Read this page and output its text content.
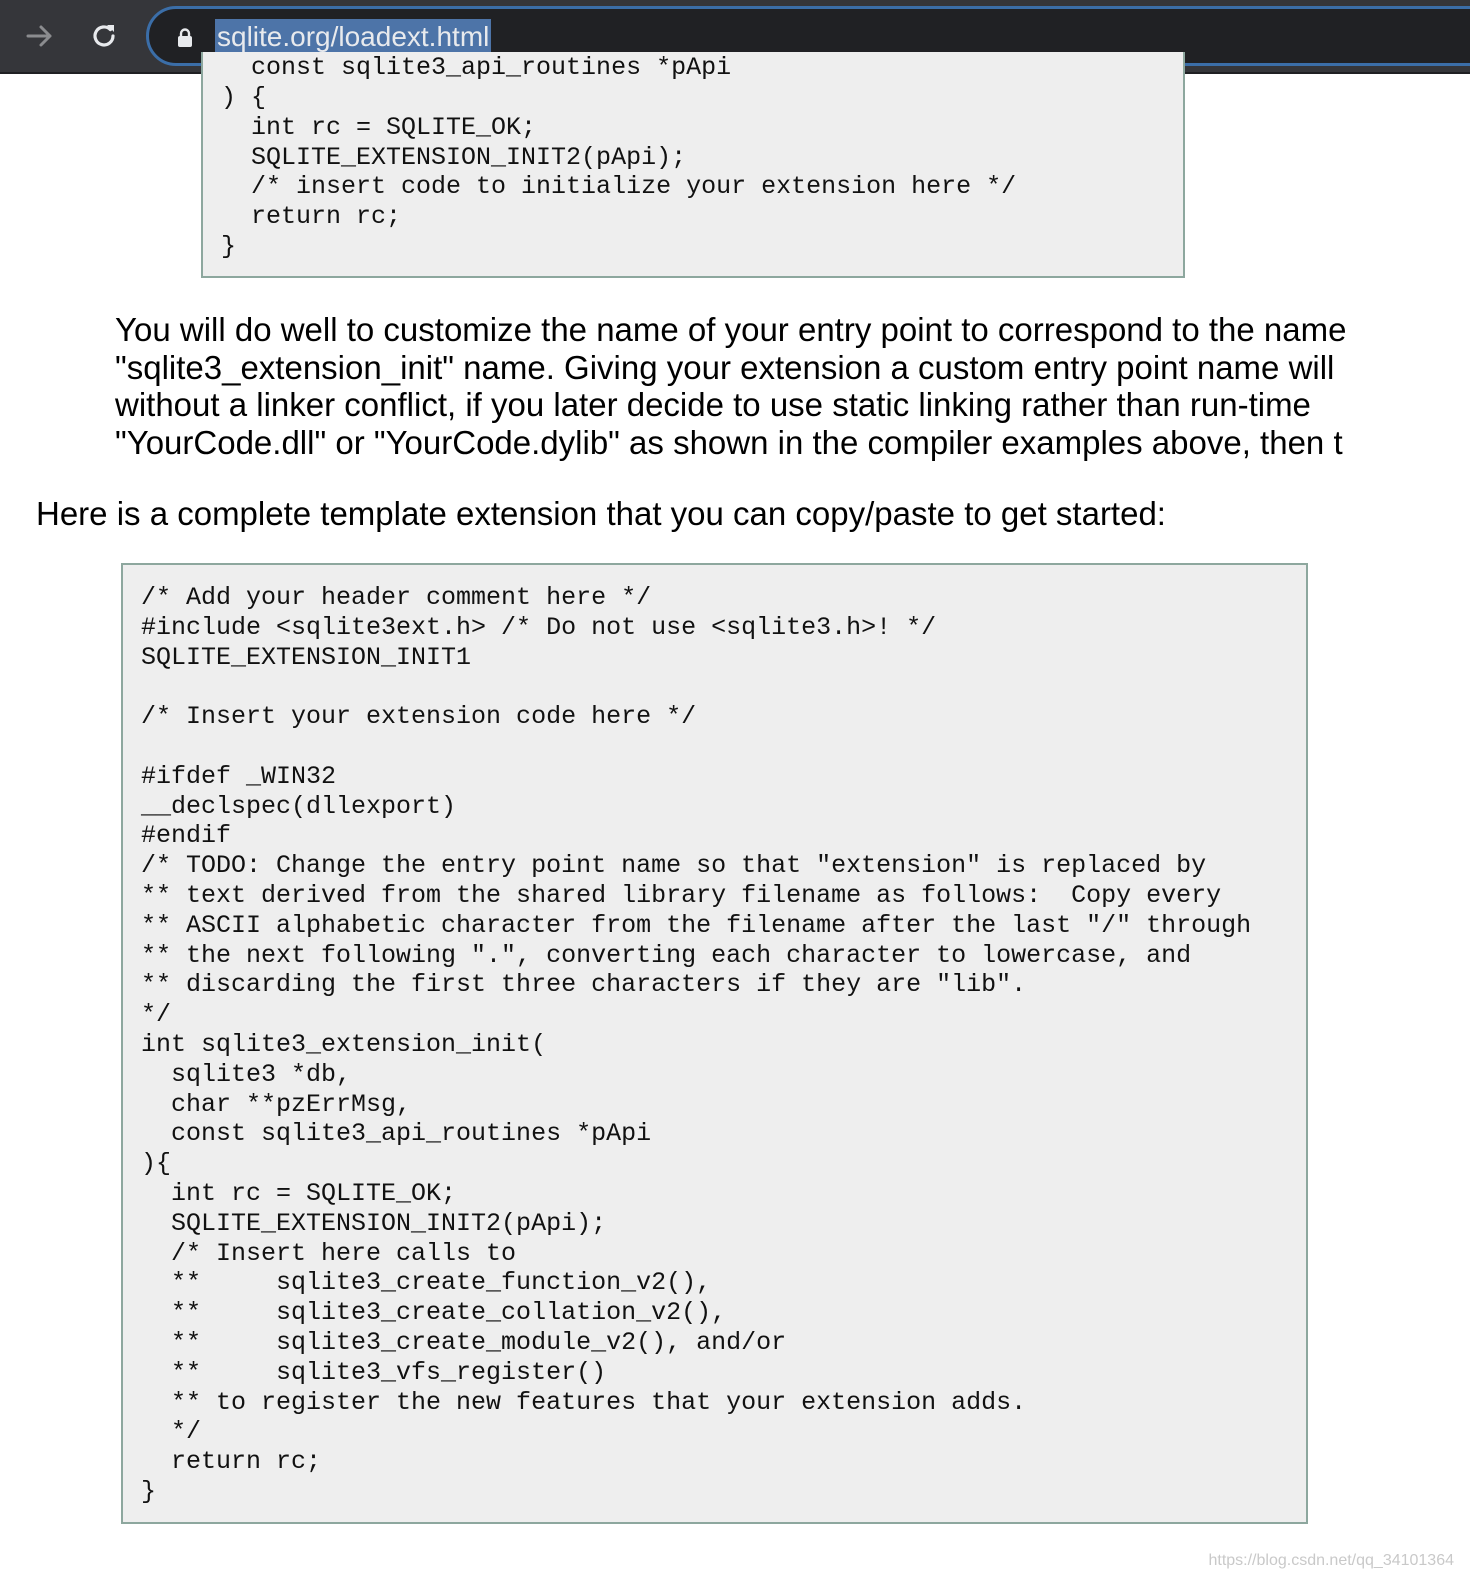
sqlite.org/loadext.html
const sqlite3_api_routines *pApi
) {
int rc = SQLITE_OK;
SQLITE_EXTENSION_INIT2(pApi);
/* insert code to initialize your extension here */
return rc;
}
You will do well to customize the name of your entry point to correspond to the name
"sqlite3_extension_init" name. Giving your extension a custom entry point name will
without a linker conflict, if you later decide to use static linking rather than run-time
"YourCode.dll" or "YourCode.dylib" as shown in the compiler examples above, then t
Here is a complete template extension that you can copy/paste to get started:
/* Add your header comment here */
#include <sqlite3ext.h> /* Do not use <sqlite3.h>! */
SQLITE_EXTENSION_INIT1

/* Insert your extension code here */

#ifdef _WIN32
__declspec(dllexport)
#endif
/* TODO: Change the entry point name so that "extension" is replaced by
** text derived from the shared library filename as follows:  Copy every
** ASCII alphabetic character from the filename after the last "/" through
** the next following ".", converting each character to lowercase, and
** discarding the first three characters if they are "lib".
*/
int sqlite3_extension_init(
sqlite3 *db,
char **pzErrMsg,
const sqlite3_api_routines *pApi
){
int rc = SQLITE_OK;
SQLITE_EXTENSION_INIT2(pApi);
/* Insert here calls to
**     sqlite3_create_function_v2(),
**     sqlite3_create_collation_v2(),
**     sqlite3_create_module_v2(), and/or
**     sqlite3_vfs_register()
** to register the new features that your extension adds.
*/
return rc;
}
https://blog.csdn.net/qq_34101364
